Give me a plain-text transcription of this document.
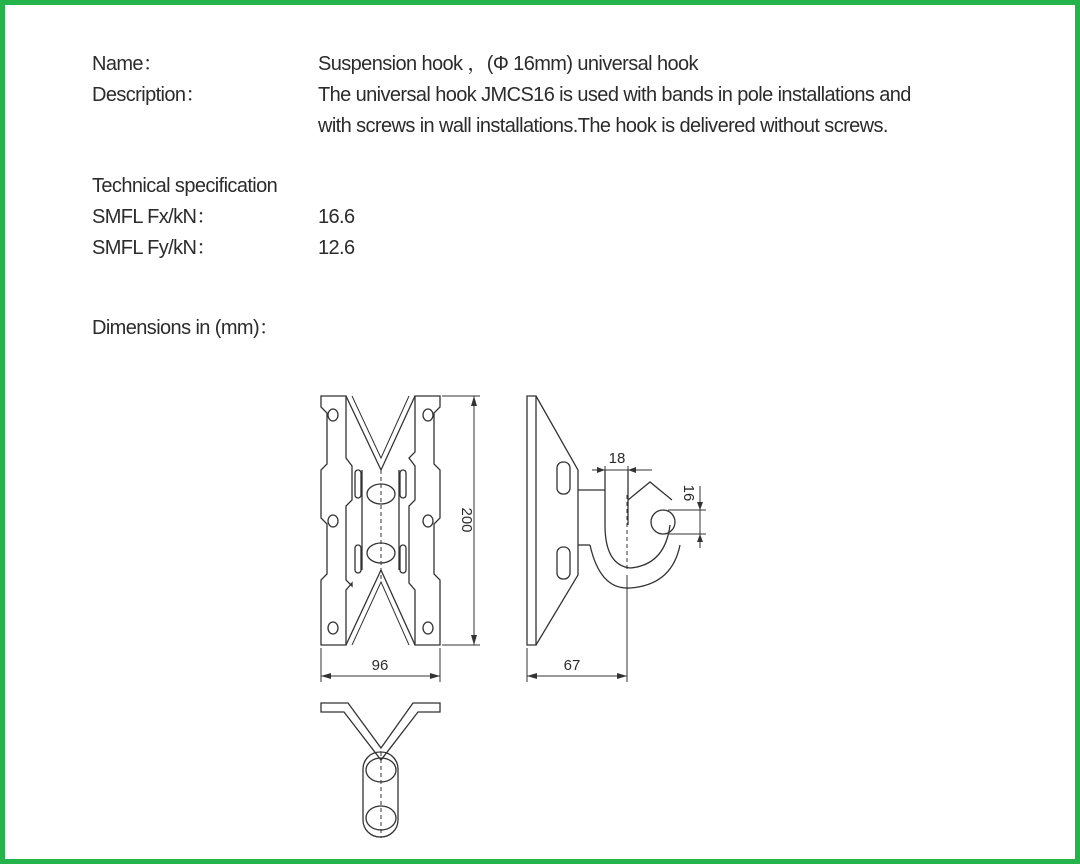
Name：	Suspension hook ，(Φ 16mm) universal hook
Description：	The universal hook JMCS16 is used with bands in pole installations and
with screws in wall installations.The hook is delivered without screws.
Technical specification
SMFL Fx/kN：	16.6
SMFL Fy/kN：	12.6
Dimensions in (mm)：
200
96
18
16
67
